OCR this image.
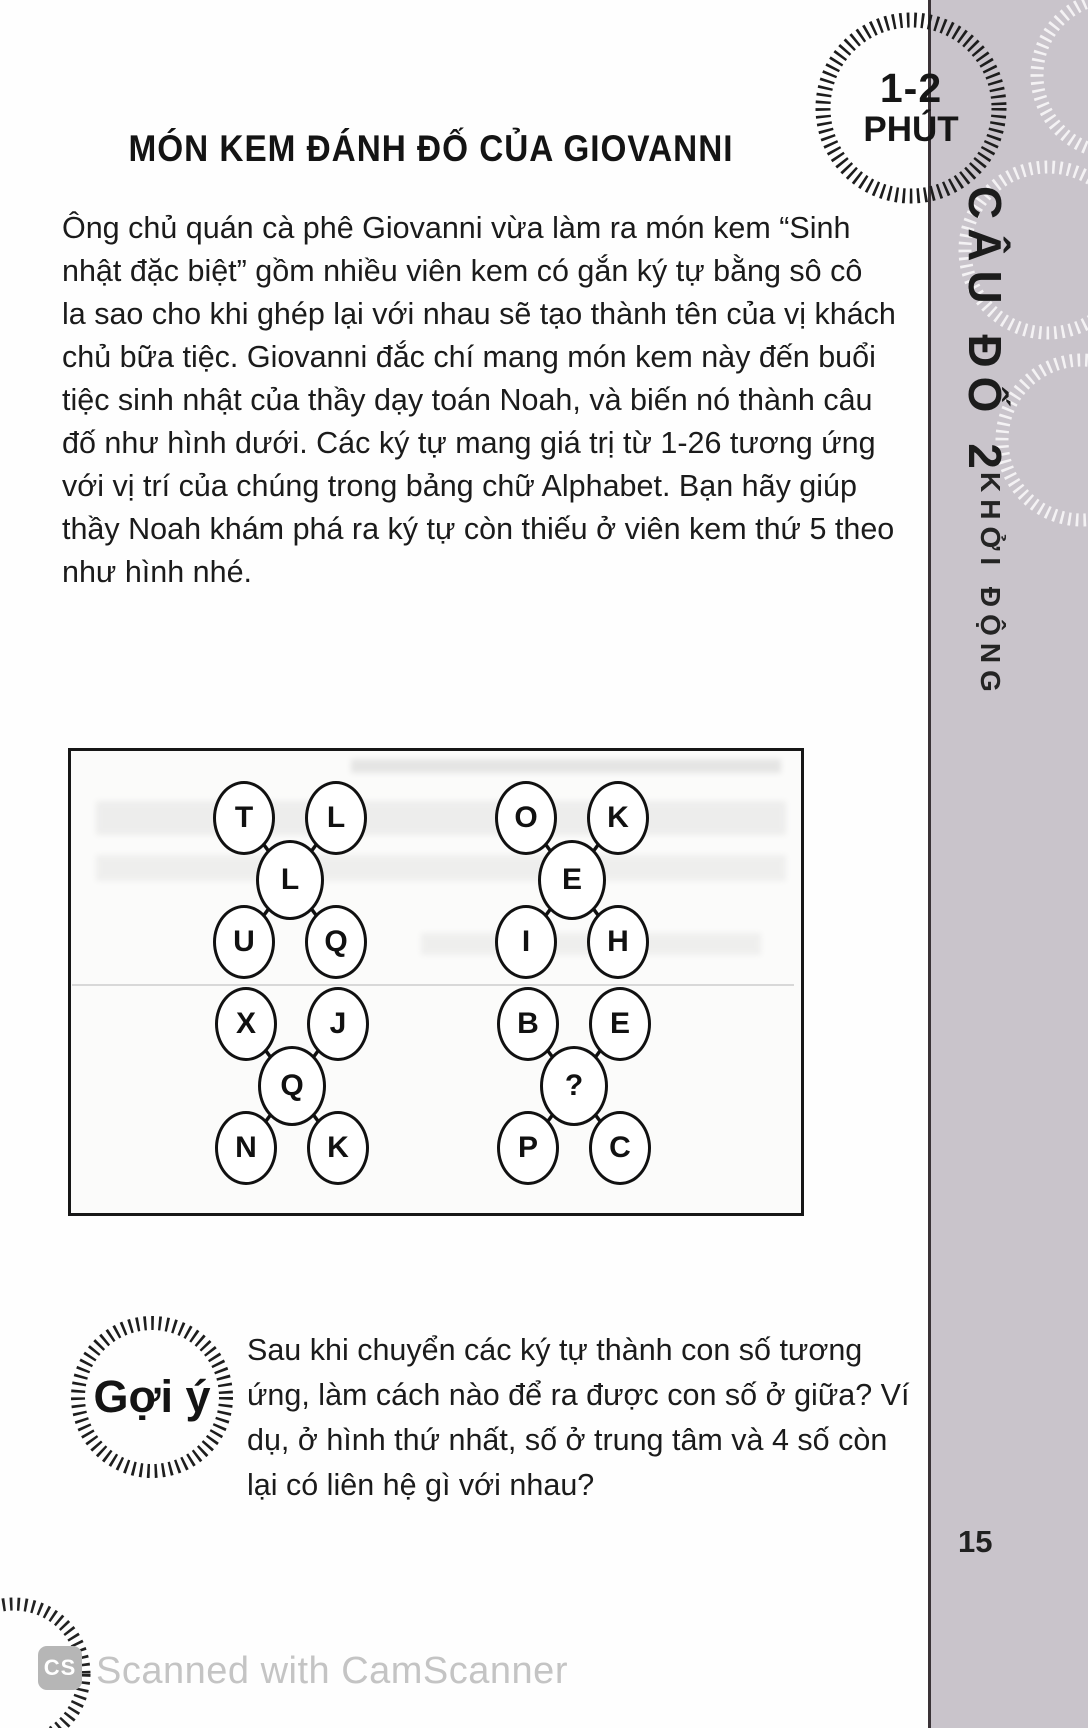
CÂU ĐỐ 2
KHỞI ĐỘNG
15
1-2
PHÚT
MÓN KEM ĐÁNH ĐỐ CỦA GIOVANNI
Ông chủ quán cà phê Giovanni vừa làm ra món kem “Sinh
nhật đặc biệt” gồm nhiều viên kem có gắn ký tự bằng sô cô
la sao cho khi ghép lại với nhau sẽ tạo thành tên của vị khách
chủ bữa tiệc. Giovanni đắc chí mang món kem này đến buổi
tiệc sinh nhật của thầy dạy toán Noah, và biến nó thành câu
đố như hình dưới. Các ký tự mang giá trị từ 1-26 tương ứng
với vị trí của chúng trong bảng chữ Alphabet. Bạn hãy giúp
thầy Noah khám phá ra ký tự còn thiếu ở viên kem thứ 5 theo
như hình nhé.
T	L
L
U	Q
O	K
E
I	H
X	J
Q
N	K
B	E
?
P	C
Gợi ý
Sau khi chuyển các ký tự thành con số tương
ứng, làm cách nào để ra được con số ở giữa? Ví
dụ, ở hình thứ nhất, số ở trung tâm và 4 số còn
lại có liên hệ gì với nhau?
CS Scanned with CamScanner
